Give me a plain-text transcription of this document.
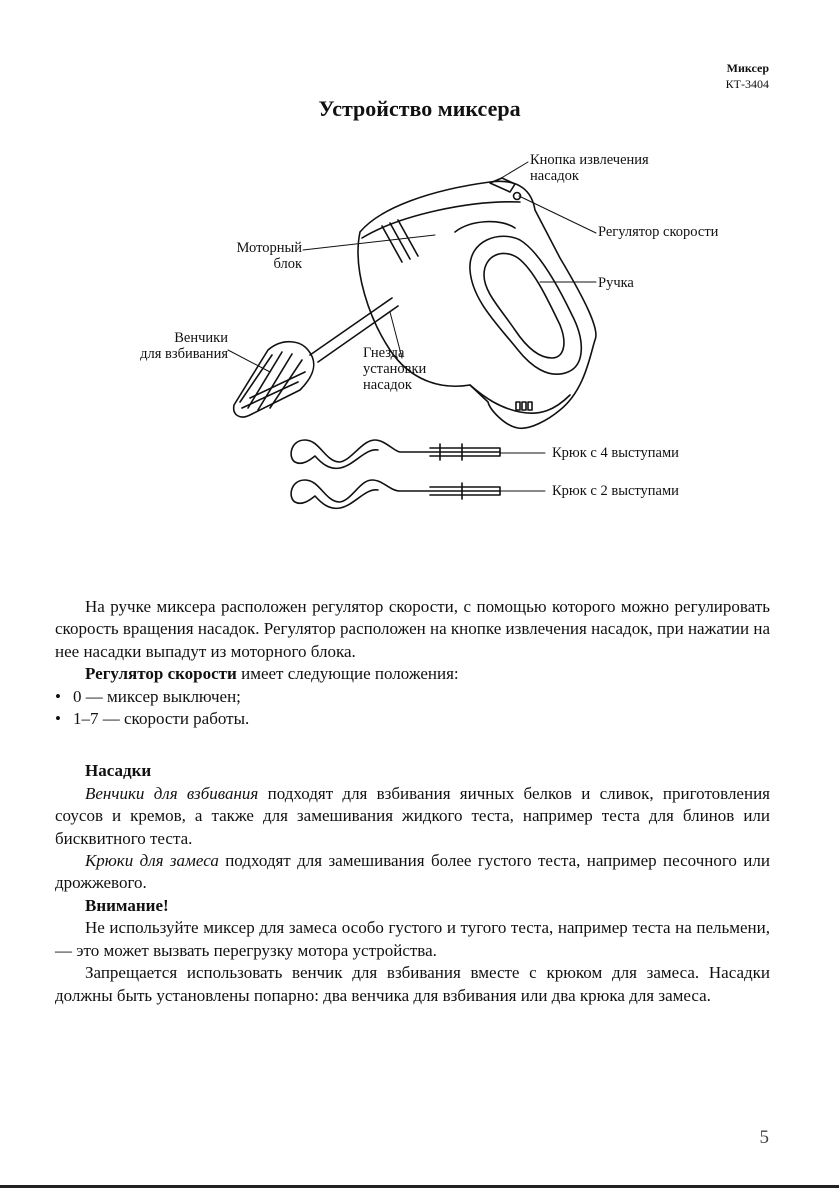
Миксер
КТ-3404
Устройство миксера
Кнопка извлечения
насадок
Регулятор скорости
Моторный
блок
Ручка
Венчики
для взбивания	Гнезда
установки
насадок
Крюк с 4 выступами
Крюк с 2 выступами

На ручке миксера расположен регулятор скорости, с помощью которого можно регулировать скорость вращения насадок. Регулятор расположен на кнопке извлечения насадок, при нажатии на нее насадки выпадут из моторного блока.

Регулятор скорости имеет следующие положения:

• 0 — миксер выключен;
• 1–7 — скорости работы.

Насадки

Венчики для взбивания подходят для взбивания яичных белков и сливок, приготовления соусов и кремов, а также для замешивания жидкого теста, например теста для блинов или бисквитного теста.

Крюки для замеса подходят для замешивания более густого теста, например песочного или дрожжевого.

Внимание!

Не используйте миксер для замеса особо густого и тугого теста, например теста на пельмени, — это может вызвать перегрузку мотора устройства.

Запрещается использовать венчик для взбивания вместе с крюком для замеса. Насадки должны быть установлены попарно: два венчика для взбивания или два крюка для замеса.

5
